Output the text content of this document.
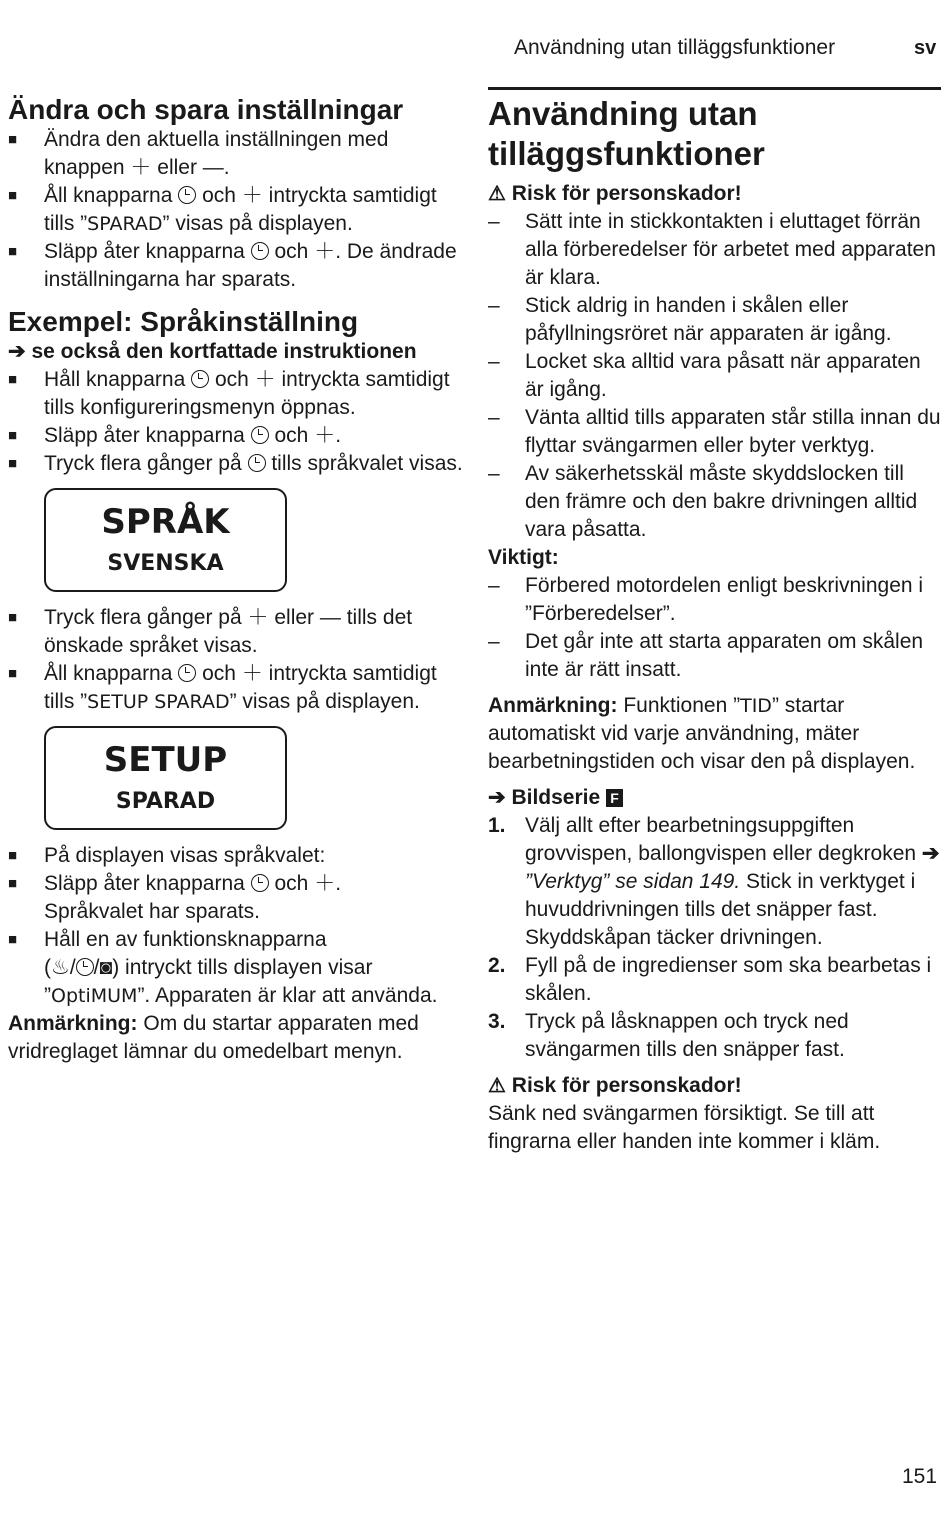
Användning utan tilläggsfunktioner	sv
Ändra och spara inställningar
■ Ändra den aktuella inställningen med knappen ＋ eller —.
■ Åll knapparna och ＋ intryckta samtidigt tills ”SPARAD” visas på displayen.
■ Släpp åter knapparna och ＋. De ändrade inställningarna har sparats.
Exempel: Språkinställning

➔ se också den kortfattade instruktionen

■ Håll knapparna och ＋ intryckta samtidigt tills konfigureringsmenyn öppnas.
■ Släpp åter knapparna och ＋.
■ Tryck flera gånger på tills språkvalet visas.
SPRÅK
SVENSKA
■ Tryck flera gånger på ＋ eller — tills det önskade språket visas.
■ Åll knapparna och ＋ intryckta samtidigt tills ”SETUP SPARAD” visas på displayen.
SETUP
SPARAD
■ På displayen visas språkvalet:
■ Släpp åter knapparna och ＋.
Språkvalet har sparats.
■ Håll en av funktionsknapparna
(♨/ /◙) intryckt tills displayen visar ”OptiMUM”. Apparaten är klar att använda.

Anmärkning: Om du startar apparaten med vridreglaget lämnar du omedelbart menyn.

Användning utan tilläggsfunktioner

⚠ Risk för personskador!

– Sätt inte in stickkontakten i eluttaget förrän alla förberedelser för arbetet med apparaten är klara.
– Stick aldrig in handen i skålen eller påfyllningsröret när apparaten är igång.
– Locket ska alltid vara påsatt när apparaten är igång.
– Vänta alltid tills apparaten står stilla innan du flyttar svängarmen eller byter verktyg.
– Av säkerhetsskäl måste skyddslocken till den främre och den bakre drivningen alltid vara påsatta.

Viktigt:

– Förbered motordelen enligt beskrivningen i ”Förberedelser”.
– Det går inte att starta apparaten om skålen inte är rätt insatt.

Anmärkning: Funktionen ”TID” startar automatiskt vid varje användning, mäter bearbetningstiden och visar den på displayen.

➔ Bildserie F

1. Välj allt efter bearbetningsuppgiften grovvispen, ballongvispen eller degkroken ➔ ”Verktyg” se sidan 149. Stick in verktyget i huvuddrivningen tills det snäpper fast. Skyddskåpan täcker drivningen.
2. Fyll på de ingredienser som ska bearbetas i skålen.
3. Tryck på låsknappen och tryck ned svängarmen tills den snäpper fast.

⚠ Risk för personskador!

Sänk ned svängarmen försiktigt. Se till att fingrarna eller handen inte kommer i kläm.

151
